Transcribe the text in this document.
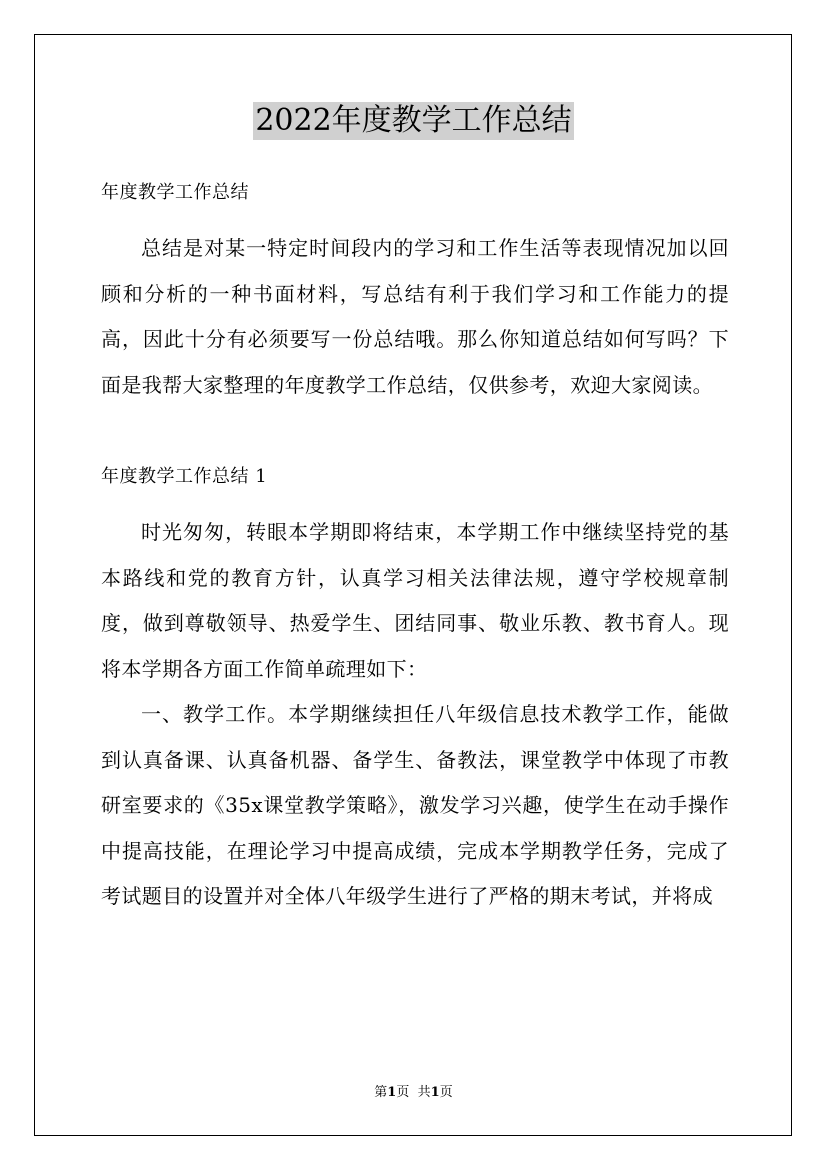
2022年度教学工作总结

年度教学工作总结

总结是对某一特定时间段内的学习和工作生活等表现情况加以回顾和分析的一种书面材料，写总结有利于我们学习和工作能力的提高，因此十分有必须要写一份总结哦。那么你知道总结如何写吗？下面是我帮大家整理的年度教学工作总结，仅供参考，欢迎大家阅读。

年度教学工作总结 1

时光匆匆，转眼本学期即将结束，本学期工作中继续坚持党的基本路线和党的教育方针，认真学习相关法律法规，遵守学校规章制度，做到尊敬领导、热爱学生、团结同事、敬业乐教、教书育人。现将本学期各方面工作简单疏理如下：

一、教学工作。本学期继续担任八年级信息技术教学工作，能做到认真备课、认真备机器、备学生、备教法，课堂教学中体现了市教研室要求的《35x课堂教学策略》，激发学习兴趣，使学生在动手操作中提高技能，在理论学习中提高成绩，完成本学期教学任务，完成了考试题目的设置并对全体八年级学生进行了严格的期末考试，并将成

第1页 共1页
